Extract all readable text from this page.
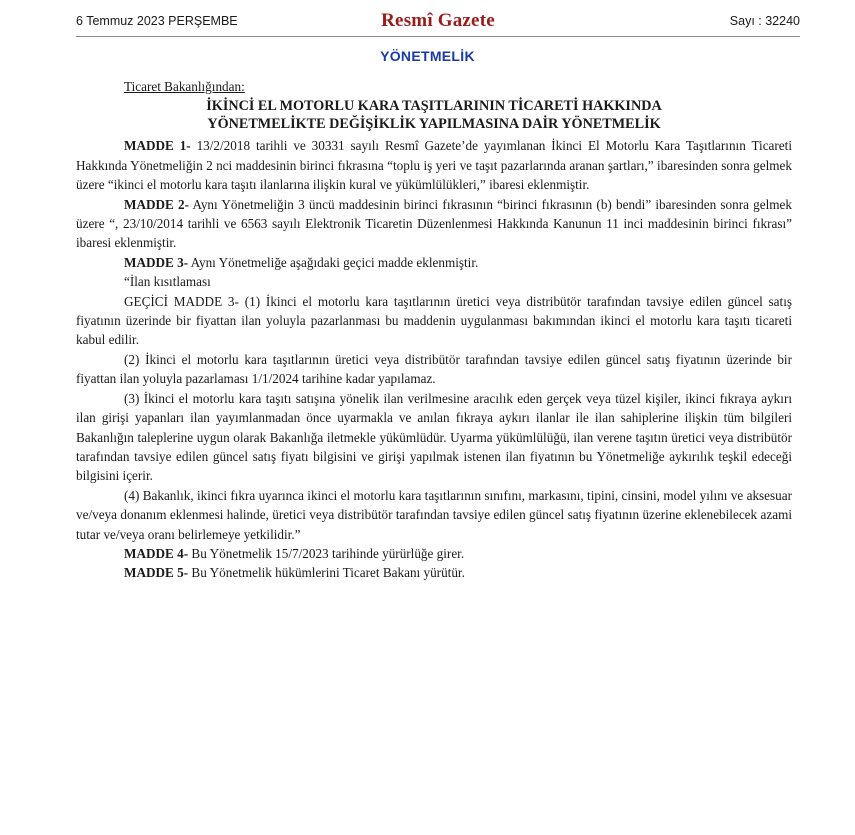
6 Temmuz 2023 PERŞEMBE	Resmî Gazete	Sayı : 32240
YÖNETMELİK
Ticaret Bakanlığından:
İKİNCİ EL MOTORLU KARA TAŞITLARININ TİCARETİ HAKKINDA
YÖNETMELİKTE DEĞİŞİKLİK YAPILMASINA DAİR YÖNETMELİK

MADDE 1- 13/2/2018 tarihli ve 30331 sayılı Resmî Gazete’de yayımlanan İkinci El Motorlu Kara Taşıtlarının Ticareti Hakkında Yönetmeliğin 2 nci maddesinin birinci fıkrasına “toplu iş yeri ve taşıt pazarlarında aranan şartları,” ibaresinden sonra gelmek üzere “ikinci el motorlu kara taşıtı ilanlarına ilişkin kural ve yükümlülükleri,” ibaresi eklenmiştir.

MADDE 2- Aynı Yönetmeliğin 3 üncü maddesinin birinci fıkrasının “birinci fıkrasının (b) bendi” ibaresinden sonra gelmek üzere “, 23/10/2014 tarihli ve 6563 sayılı Elektronik Ticaretin Düzenlenmesi Hakkında Kanunun 11 inci maddesinin birinci fıkrası” ibaresi eklenmiştir.

MADDE 3- Aynı Yönetmeliğe aşağıdaki geçici madde eklenmiştir.

“İlan kısıtlaması

GEÇİCİ MADDE 3- (1) İkinci el motorlu kara taşıtlarının üretici veya distribütör tarafından tavsiye edilen güncel satış fiyatının üzerinde bir fiyattan ilan yoluyla pazarlanması bu maddenin uygulanması bakımından ikinci el motorlu kara taşıtı ticareti kabul edilir.

(2) İkinci el motorlu kara taşıtlarının üretici veya distribütör tarafından tavsiye edilen güncel satış fiyatının üzerinde bir fiyattan ilan yoluyla pazarlaması 1/1/2024 tarihine kadar yapılamaz.

(3) İkinci el motorlu kara taşıtı satışına yönelik ilan verilmesine aracılık eden gerçek veya tüzel kişiler, ikinci fıkraya aykırı ilan girişi yapanları ilan yayımlanmadan önce uyarmakla ve anılan fıkraya aykırı ilanlar ile ilan sahiplerine ilişkin tüm bilgileri Bakanlığın taleplerine uygun olarak Bakanlığa iletmekle yükümlüdür. Uyarma yükümlülüğü, ilan verene taşıtın üretici veya distribütör tarafından tavsiye edilen güncel satış fiyatı bilgisini ve girişi yapılmak istenen ilan fiyatının bu Yönetmeliğe aykırılık teşkil edeceği bilgisini içerir.

(4) Bakanlık, ikinci fıkra uyarınca ikinci el motorlu kara taşıtlarının sınıfını, markasını, tipini, cinsini, model yılını ve aksesuar ve/veya donanım eklenmesi halinde, üretici veya distribütör tarafından tavsiye edilen güncel satış fiyatının üzerine eklenebilecek azami tutar ve/veya oranı belirlemeye yetkilidir.”

MADDE 4- Bu Yönetmelik 15/7/2023 tarihinde yürürlüğe girer.

MADDE 5- Bu Yönetmelik hükümlerini Ticaret Bakanı yürütür.
